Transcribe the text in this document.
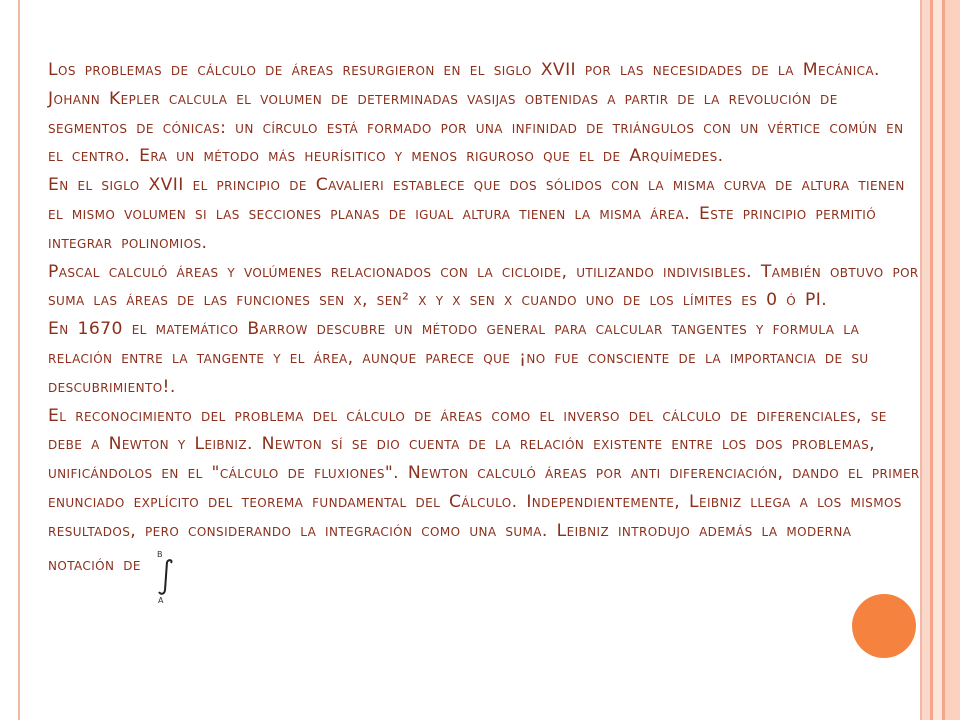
Los problemas de cálculo de áreas resurgieron en el siglo XVII por las necesidades de la Mecánica. Johann Kepler calcula el volumen de determinadas vasijas obtenidas a partir de la revolución de segmentos de cónicas: un círculo está formado por una infinidad de triángulos con un vértice común en el centro. Era un método más heurísitico y menos riguroso que el de Arquímedes.

En el siglo XVII el principio de Cavalieri establece que dos sólidos con la misma curva de altura tienen el mismo volumen si las secciones planas de igual altura tienen la misma área. Este principio permitió integrar polinomios.

Pascal calculó áreas y volúmenes relacionados con la cicloide, utilizando indivisibles. También obtuvo por suma las áreas de las funciones sen x, sen² x y x sen x cuando uno de los límites es 0 ó PI.

En 1670 el matemático Barrow descubre un método general para calcular tangentes y formula la relación entre la tangente y el área, aunque parece que ¡no fue consciente de la importancia de su descubrimiento!.

El reconocimiento del problema del cálculo de áreas como el inverso del cálculo de diferenciales, se debe a Newton y Leibniz. Newton sí se dio cuenta de la relación existente entre los dos problemas, unificándolos en el "cálculo de fluxiones". Newton calculó áreas por anti diferenciación, dando el primer enunciado explícito del teorema fundamental del Cálculo. Independientemente, Leibniz llega a los mismos resultados, pero considerando la integración como una suma. Leibniz introdujo además la moderna notación de
b
a
